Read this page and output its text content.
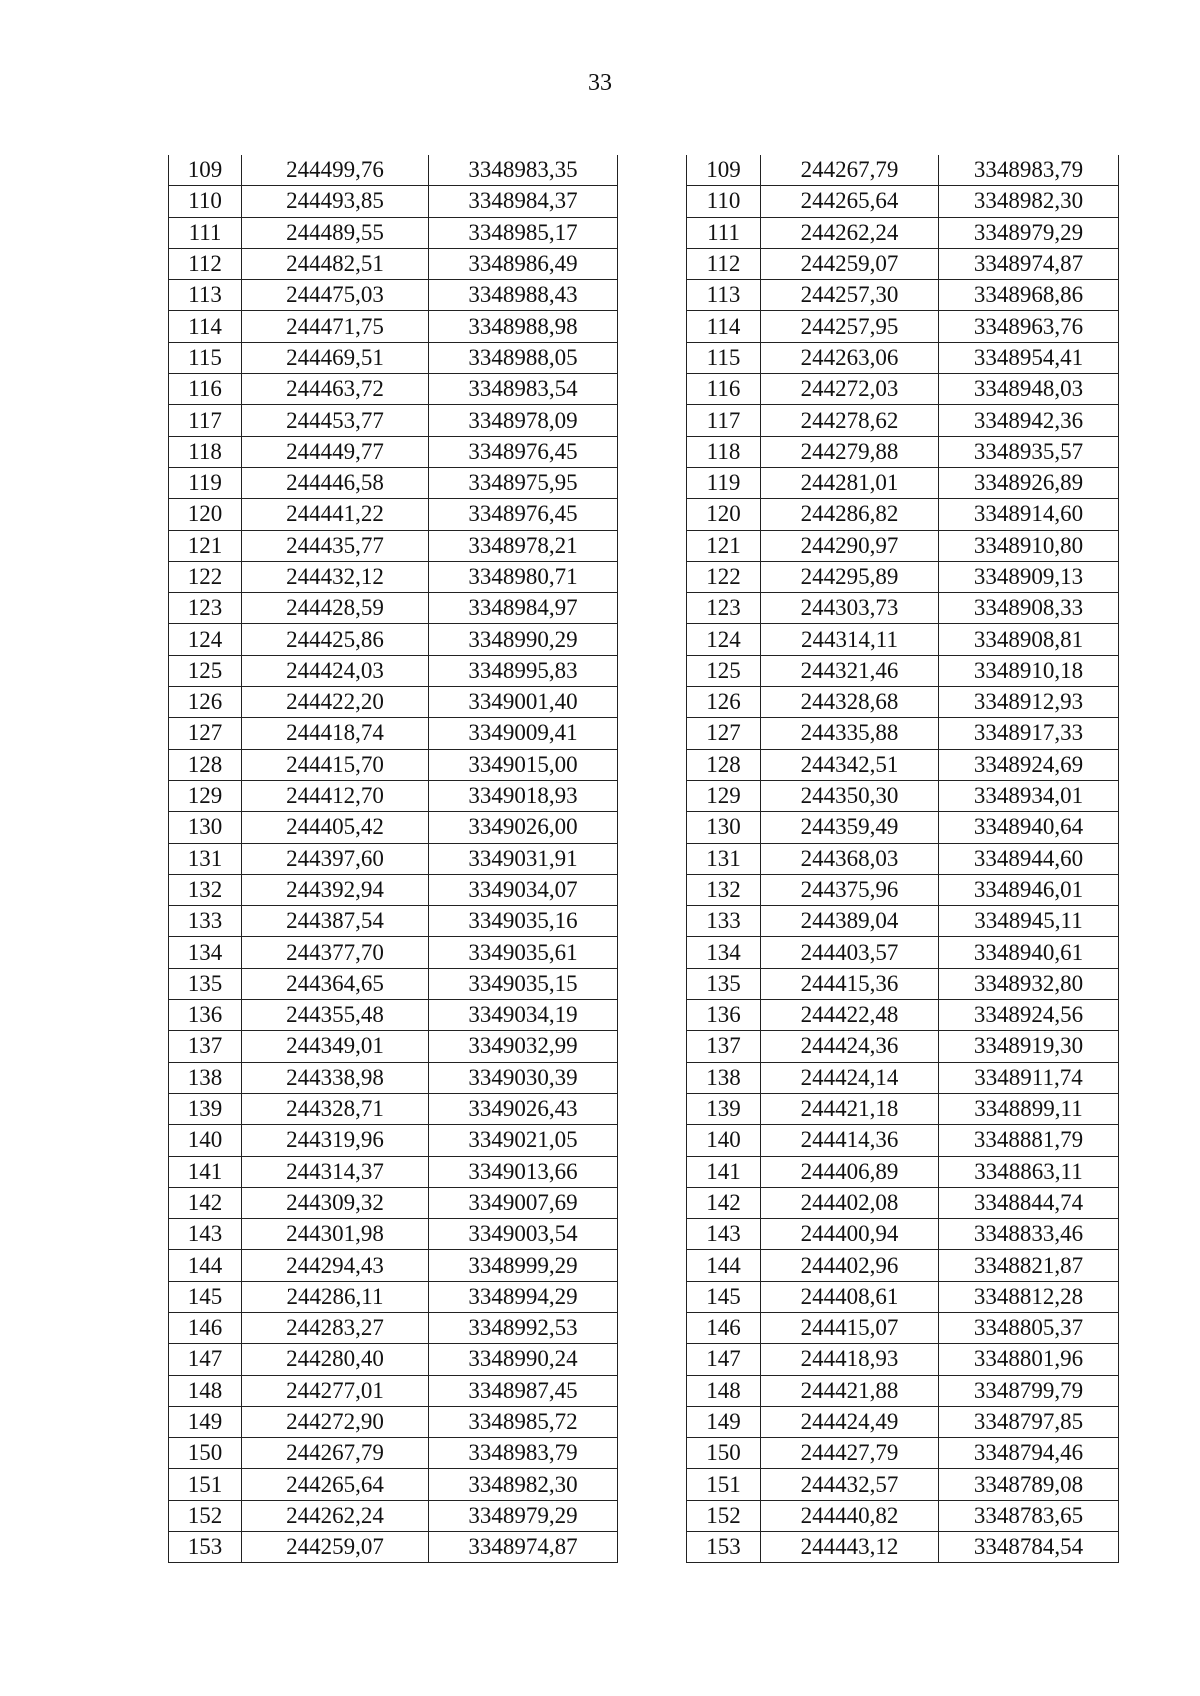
33
109	244499,76	3348983,35
110	244493,85	3348984,37
111	244489,55	3348985,17
112	244482,51	3348986,49
113	244475,03	3348988,43
114	244471,75	3348988,98
115	244469,51	3348988,05
116	244463,72	3348983,54
117	244453,77	3348978,09
118	244449,77	3348976,45
119	244446,58	3348975,95
120	244441,22	3348976,45
121	244435,77	3348978,21
122	244432,12	3348980,71
123	244428,59	3348984,97
124	244425,86	3348990,29
125	244424,03	3348995,83
126	244422,20	3349001,40
127	244418,74	3349009,41
128	244415,70	3349015,00
129	244412,70	3349018,93
130	244405,42	3349026,00
131	244397,60	3349031,91
132	244392,94	3349034,07
133	244387,54	3349035,16
134	244377,70	3349035,61
135	244364,65	3349035,15
136	244355,48	3349034,19
137	244349,01	3349032,99
138	244338,98	3349030,39
139	244328,71	3349026,43
140	244319,96	3349021,05
141	244314,37	3349013,66
142	244309,32	3349007,69
143	244301,98	3349003,54
144	244294,43	3348999,29
145	244286,11	3348994,29
146	244283,27	3348992,53
147	244280,40	3348990,24
148	244277,01	3348987,45
149	244272,90	3348985,72
150	244267,79	3348983,79
151	244265,64	3348982,30
152	244262,24	3348979,29
153	244259,07	3348974,87
109	244267,79	3348983,79
110	244265,64	3348982,30
111	244262,24	3348979,29
112	244259,07	3348974,87
113	244257,30	3348968,86
114	244257,95	3348963,76
115	244263,06	3348954,41
116	244272,03	3348948,03
117	244278,62	3348942,36
118	244279,88	3348935,57
119	244281,01	3348926,89
120	244286,82	3348914,60
121	244290,97	3348910,80
122	244295,89	3348909,13
123	244303,73	3348908,33
124	244314,11	3348908,81
125	244321,46	3348910,18
126	244328,68	3348912,93
127	244335,88	3348917,33
128	244342,51	3348924,69
129	244350,30	3348934,01
130	244359,49	3348940,64
131	244368,03	3348944,60
132	244375,96	3348946,01
133	244389,04	3348945,11
134	244403,57	3348940,61
135	244415,36	3348932,80
136	244422,48	3348924,56
137	244424,36	3348919,30
138	244424,14	3348911,74
139	244421,18	3348899,11
140	244414,36	3348881,79
141	244406,89	3348863,11
142	244402,08	3348844,74
143	244400,94	3348833,46
144	244402,96	3348821,87
145	244408,61	3348812,28
146	244415,07	3348805,37
147	244418,93	3348801,96
148	244421,88	3348799,79
149	244424,49	3348797,85
150	244427,79	3348794,46
151	244432,57	3348789,08
152	244440,82	3348783,65
153	244443,12	3348784,54
